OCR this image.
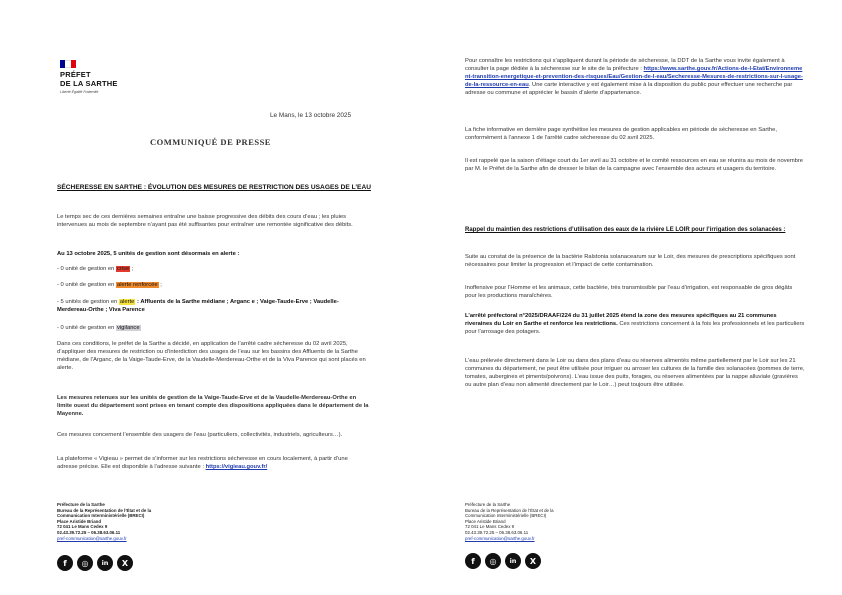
PRÉFET
DE LA SARTHE
Liberté Égalité Fraternité
Le Mans, le 13 octobre 2025
COMMUNIQUÉ DE PRESSE
SÉCHERESSE EN SARTHE : ÉVOLUTION DES MESURES DE RESTRICTION DES USAGES DE L’EAU
Le temps sec de ces dernières semaines entraîne une baisse progressive des débits des cours d’eau ; les pluies intervenues au mois de septembre n’ayant pas été suffisantes pour entraîner une remontée significative des débits.
Au 13 octobre 2025, 5 unités de gestion sont désormais en alerte :
- 0 unité de gestion en crise ;
- 0 unité de gestion en alerte renforcée ;
- 5 unités de gestion en alerte : Affluents de la Sarthe médiane ; Arganc e ; Vaige-Taude-Erve ; Vaudelle-Merdereau-Orthe ; Viva Parence
- 0 unité de gestion en vigilance
Dans ces conditions, le préfet de la Sarthe a décidé, en application de l’arrêté cadre sécheresse du 02 avril 2025, d’appliquer des mesures de restriction ou d’interdiction des usages de l’eau sur les bassins des Affluents de la Sarthe médiane, de l’Arganc, de la Vaige-Taude-Erve, de la Vaudelle-Merdereau-Orthe et de la Viva Parence qui sont placés en alerte.
Les mesures retenues sur les unités de gestion de la Vaige-Taude-Erve et de la Vaudelle-Merdereau-Orthe en limite ouest du département sont prises en tenant compte des dispositions appliquées dans le département de la Mayenne.
Ces mesures concernent l’ensemble des usagers de l’eau (particuliers, collectivités, industriels, agriculteurs…).
La plateforme « Vigieau » permet de s’informer sur les restrictions sécheresse en cours localement, à partir d’une adresse précise. Elle est disponible à l’adresse suivante : https://vigieau.gouv.fr/
Préfecture de la Sarthe
Bureau de la Représentation de l’État et de la
Communication Interministérielle (BRECI)
Place Aristide Briand
72 041 Le Mans Cedex 9
02.43.39.72.25 – 06.38.63.06.11
pref-communication@sarthe.gouv.fr
f	◎	in	X
Pour connaître les restrictions qui s’appliquent durant la période de sécheresse, la DDT de la Sarthe vous invite également à consulter la page dédiée à la sécheresse sur le site de la préfecture : https://www.sarthe.gouv.fr/Actions-de-l-Etat/Environnement-transition-energetique-et-prevention-des-risques/Eau/Gestion-de-l-eau/Secheresse-Mesures-de-restrictions-sur-l-usage-de-la-ressource-en-eau. Une carte interactive y est également mise à la disposition du public pour effectuer une recherche par adresse ou commune et apprécier le bassin d’alerte d’appartenance.
La fiche informative en dernière page synthétise les mesures de gestion applicables en période de sécheresse en Sarthe, conformément à l’annexe 1 de l’arrêté cadre sécheresse du 02 avril 2025.
Il est rappelé que la saison d’étiage court du 1er avril au 31 octobre et le comité ressources en eau se réunira au mois de novembre par M. le Préfet de la Sarthe afin de dresser le bilan de la campagne avec l’ensemble des acteurs et usagers du territoire.
Rappel du maintien des restrictions d’utilisation des eaux de la rivière LE LOIR pour l’irrigation des solanacées :
Suite au constat de la présence de la bactérie Ralstonia solanacearum sur le Loir, des mesures de prescriptions spécifiques sont nécessaires pour limiter la progression et l’impact de cette contamination.
Inoffensive pour l’Homme et les animaux, cette bactérie, très transmissible par l’eau d’irrigation, est responsable de gros dégâts pour les productions maraîchères.
L’arrêté préfectoral n°2025/DRAAF/224 du 31 juillet 2025 étend la zone des mesures spécifiques au 21 communes riveraines du Loir en Sarthe et renforce les restrictions. Ces restrictions concernent à la fois les professionnels et les particuliers pour l’arrosage des potagers.
L’eau prélevée directement dans le Loir ou dans des plans d’eau ou réserves alimentés même partiellement par le Loir sur les 21 communes du département, ne peut être utilisée pour irriguer ou arroser les cultures de la famille des solanacées (pommes de terre, tomates, aubergines et piments/poivrons). L’eau issue des puits, forages, ou réserves alimentées par la nappe alluviale (gravières ou autre plan d’eau non alimenté directement par le Loir…) peut toujours être utilisée.
Préfecture de la Sarthe
Bureau de la Représentation de l’État et de la
Communication Interministérielle (BRECI)
Place Aristide Briand
72 041 Le Mans Cedex 9
02.43.39.72.25 – 06.38.63.06.11
pref-communication@sarthe.gouv.fr
f	◎	in	X
